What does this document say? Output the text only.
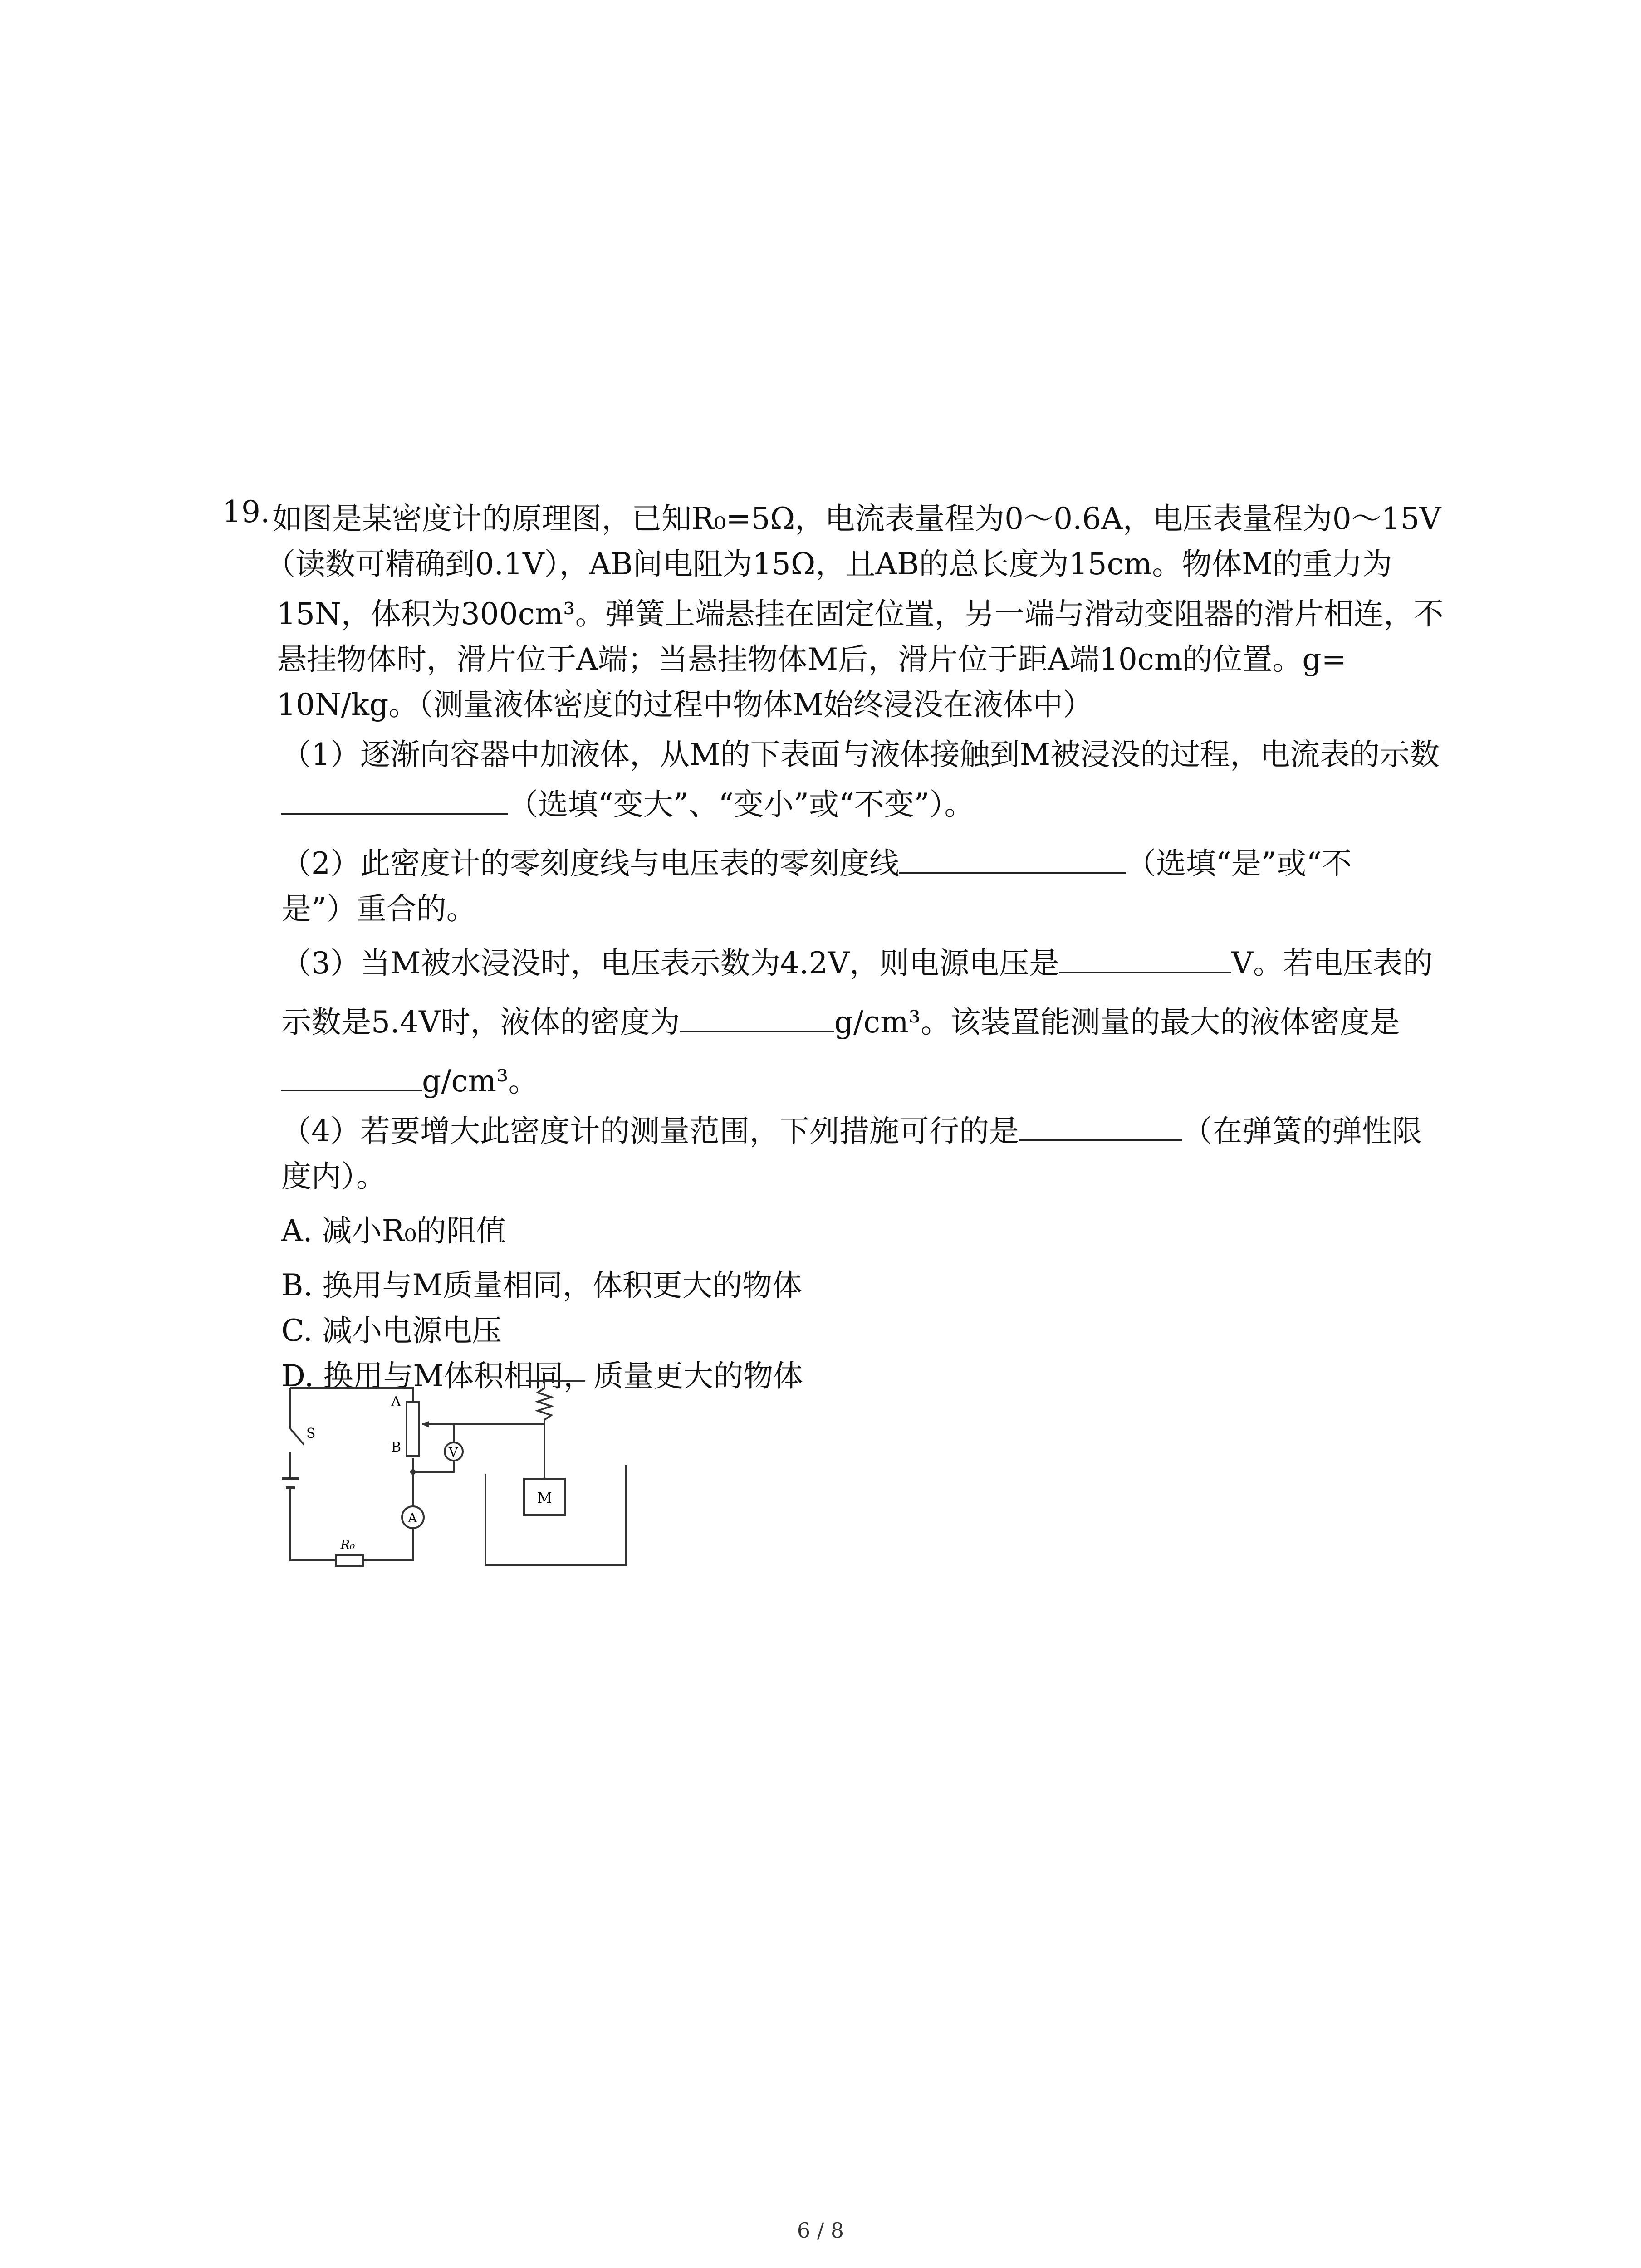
19. 如图是某密度计的原理图，已知R₀=5Ω，电流表量程为0～0.6A，电压表量程为0～15V
（读数可精确到0.1V），AB间电阻为15Ω，且AB的总长度为15cm。物体M的重力为
15N，体积为300cm³。弹簧上端悬挂在固定位置，另一端与滑动变阻器的滑片相连，不
悬挂物体时，滑片位于A端；当悬挂物体M后，滑片位于距A端10cm的位置。g=
10N/kg。（测量液体密度的过程中物体M始终浸没在液体中）
（1）逐渐向容器中加液体，从M的下表面与液体接触到M被浸没的过程，电流表的示数
（选填“变大”、“变小”或“不变”）。
（2）此密度计的零刻度线与电压表的零刻度线	（选填“是”或“不
是”）重合的。
（3）当M被水浸没时，电压表示数为4.2V，则电源电压是	V。若电压表的
示数是5.4V时，液体的密度为	g/cm³。该装置能测量的最大的液体密度是
g/cm³。
（4）若要增大此密度计的测量范围，下列措施可行的是	（在弹簧的弹性限
度内）。
A. 减小R₀的阻值
B. 换用与M质量相同，体积更大的物体
C. 减小电源电压
D. 换用与M体积相同，质量更大的物体
A
B
S
V
A
R₀
M
6 / 8
